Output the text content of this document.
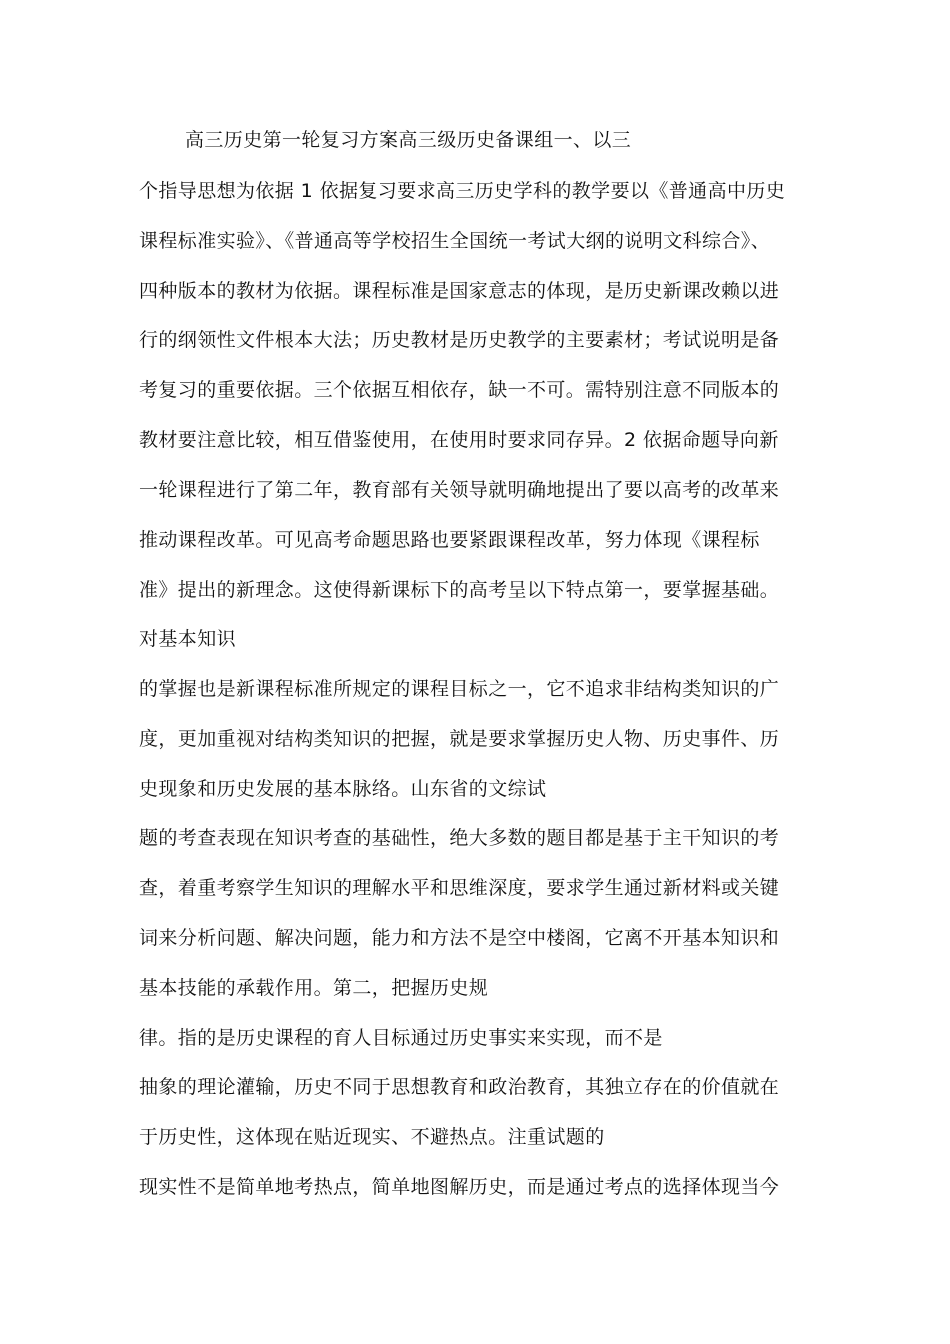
高三历史第一轮复习方案高三级历史备课组一、以三
个指导思想为依据 1 依据复习要求高三历史学科的教学要以《普通高中历史
课程标准实验》、《普通高等学校招生全国统一考试大纲的说明文科综合》、
四种版本的教材为依据。课程标准是国家意志的体现，是历史新课改赖以进
行的纲领性文件根本大法；历史教材是历史教学的主要素材；考试说明是备
考复习的重要依据。三个依据互相依存，缺一不可。需特别注意不同版本的
教材要注意比较，相互借鉴使用，在使用时要求同存异。2 依据命题导向新
一轮课程进行了第二年，教育部有关领导就明确地提出了要以高考的改革来
推动课程改革。可见高考命题思路也要紧跟课程改革，努力体现《课程标
准》提出的新理念。这使得新课标下的高考呈以下特点第一，要掌握基础。
对基本知识
的掌握也是新课程标准所规定的课程目标之一，它不追求非结构类知识的广
度，更加重视对结构类知识的把握，就是要求掌握历史人物、历史事件、历
史现象和历史发展的基本脉络。山东省的文综试
题的考查表现在知识考查的基础性，绝大多数的题目都是基于主干知识的考
查，着重考察学生知识的理解水平和思维深度，要求学生通过新材料或关键
词来分析问题、解决问题，能力和方法不是空中楼阁，它离不开基本知识和
基本技能的承载作用。第二，把握历史规
律。指的是历史课程的育人目标通过历史事实来实现，而不是
抽象的理论灌输，历史不同于思想教育和政治教育，其独立存在的价值就在
于历史性，这体现在贴近现实、不避热点。注重试题的
现实性不是简单地考热点，简单地图解历史，而是通过考点的选择体现当今
